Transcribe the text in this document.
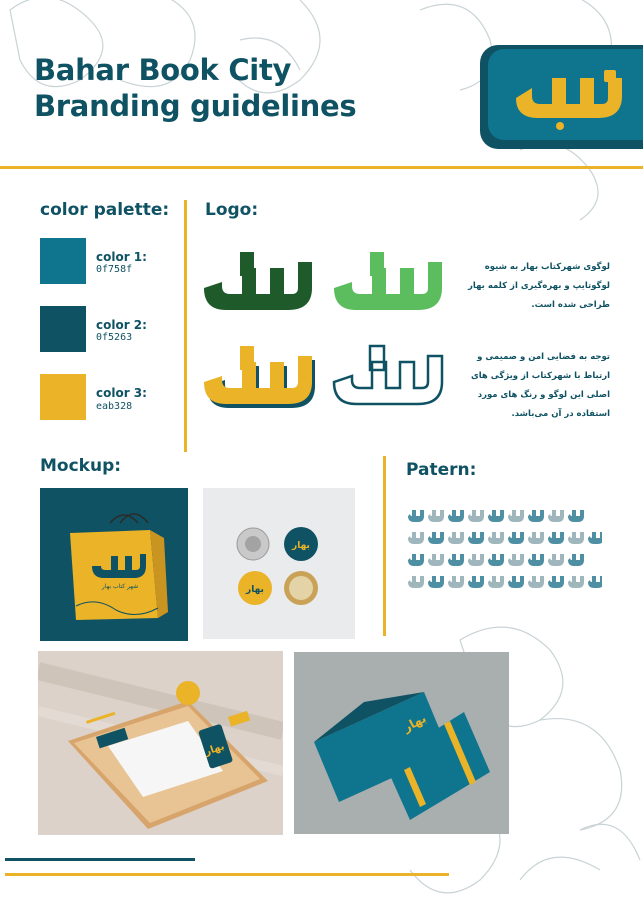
Bahar Book City
Branding guidelines
color palette:
color 1:
0f758f
color 2:
0f5263
color 3:
eab328
Logo:
لوگوی شهرکتاب بهار به شیوه لوگوتایپ و بهره‌گیری از کلمه بهار طراحی شده است.
توجه به فضایی امن و صمیمی و ارتباط با شهرکتاب از ویژگی های اصلی این لوگو و رنگ های مورد استفاده در آن می‌باشد.
Mockup:
شهر کتاب بهار
ﺑﻬﺎﺭ
ﺑﻬﺎﺭ
Patern:
ﺑﻬﺎﺭ
ﺑﻬﺎﺭ
